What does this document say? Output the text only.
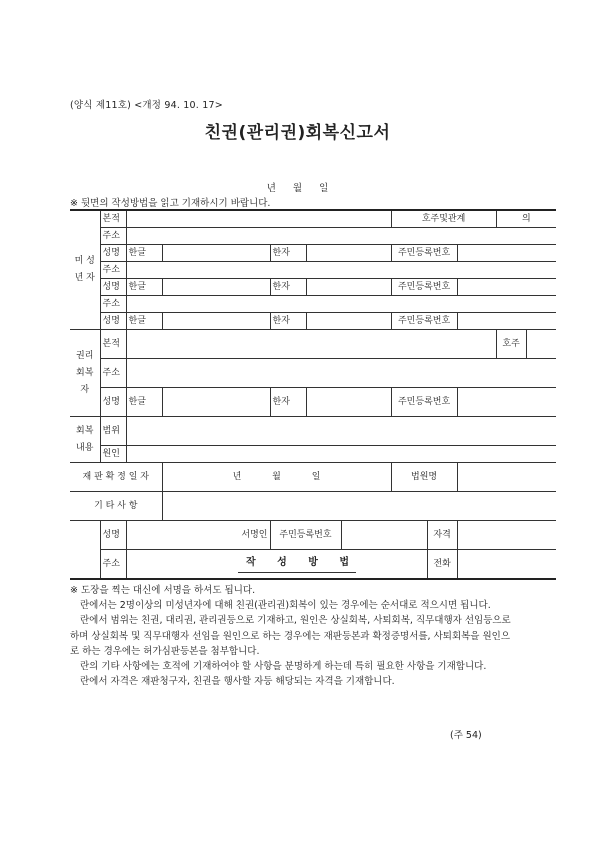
(양식 제11호) <개정 94. 10. 17>
친권(관리권)회복신고서
년 월 일
※ 뒷면의 작성방법을 읽고 기재하시기 바랍니다.
미 성 년 자	본적						호주및관계			의	
	주소										
	성명	한글		한자			주민등록번호				
	주소										
	성명	한글		한자			주민등록번호				
	주소										
	성명	한글		한자			주민등록번호				
권리 회복 자	본적									호주	
	주소										
	성명	한글		한자			주민등록번호				
회복 내용	범위										
	원인										
재 판 확 정 일 자			년 월 일				법원명				
기 타 사 항											
	성명	서명인		주민등록번호				자격			
	주소							전화			
작 성 방 법

※ 도장을 찍는 대신에 서명을 하셔도 됩니다.

란에서는 2명이상의 미성년자에 대해 친권(관리권)회복이 있는 경우에는 순서대로 적으시면 됩니다.

란에서 범위는 친권, 대리권, 관리권등으로 기재하고, 원인은 상실회복, 사퇴회복, 직무대행자 선임등으로 하며 상실회복 및 직무대행자 선임을 원인으로 하는 경우에는 재판등본과 확정증명서를, 사퇴회복을 원인으로 하는 경우에는 허가심판등본을 첨부합니다.

란의 기타 사항에는 호적에 기재하여야 할 사항을 분명하게 하는데 특히 필요한 사항을 기재합니다.

란에서 자격은 재판청구자, 친권을 행사할 자등 해당되는 자격을 기재합니다.

(주 54)
